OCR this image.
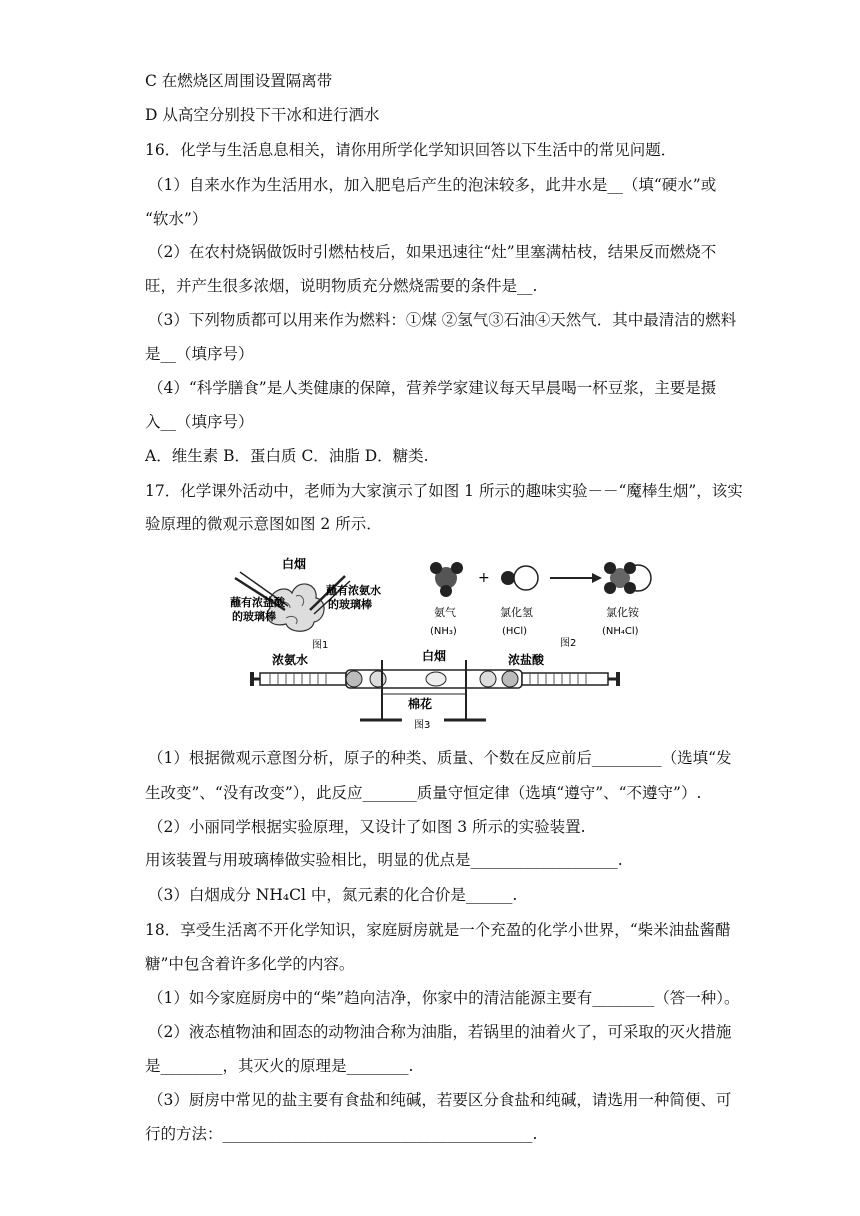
C 在燃烧区周围设置隔离带
D 从高空分别投下干冰和进行洒水
16．化学与生活息息相关，请你用所学化学知识回答以下生活中的常见问题．
（1）自来水作为生活用水，加入肥皂后产生的泡沫较多，此井水是__（填“硬水”或
“软水”）
（2）在农村烧锅做饭时引燃枯枝后，如果迅速往“灶”里塞满枯枝，结果反而燃烧不
旺，并产生很多浓烟，说明物质充分燃烧需要的条件是__.
（3）下列物质都可以用来作为燃料：①煤 ②氢气③石油④天然气．其中最清洁的燃料
是__（填序号）
（4）“科学膳食”是人类健康的保障，营养学家建议每天早晨喝一杯豆浆，主要是摄
入__（填序号）
A．维生素 B．蛋白质 C．油脂 D．糖类.
17．化学课外活动中，老师为大家演示了如图 1 所示的趣味实验－－“魔棒生烟”，该实
验原理的微观示意图如图 2 所示．
白烟
蘸有浓盐酸
的玻璃棒
蘸有浓氨水
的玻璃棒
图1
+
氨气
(NH₃)
氯化氢
(HCl)
氯化铵
(NH₄Cl)
图2
浓氨水	白烟	浓盐酸
棉花
图3
（1）根据微观示意图分析，原子的种类、质量、个数在反应前后_________（选填“发
生改变”、“没有改变”），此反应_______质量守恒定律（选填“遵守”、“不遵守”）.
（2）小丽同学根据实验原理，又设计了如图 3 所示的实验装置.
用该装置与用玻璃棒做实验相比，明显的优点是___________________.
（3）白烟成分 NH₄Cl 中，氮元素的化合价是______.
18．享受生活离不开化学知识，家庭厨房就是一个充盈的化学小世界，“柴米油盐酱醋
糖”中包含着许多化学的内容。
（1）如今家庭厨房中的“柴”趋向洁净，你家中的清洁能源主要有________（答一种）。
（2）液态植物油和固态的动物油合称为油脂，若锅里的油着火了，可采取的灭火措施
是________，其灭火的原理是________.
（3）厨房中常见的盐主要有食盐和纯碱，若要区分食盐和纯碱，请选用一种简便、可
行的方法：________________________________________.
